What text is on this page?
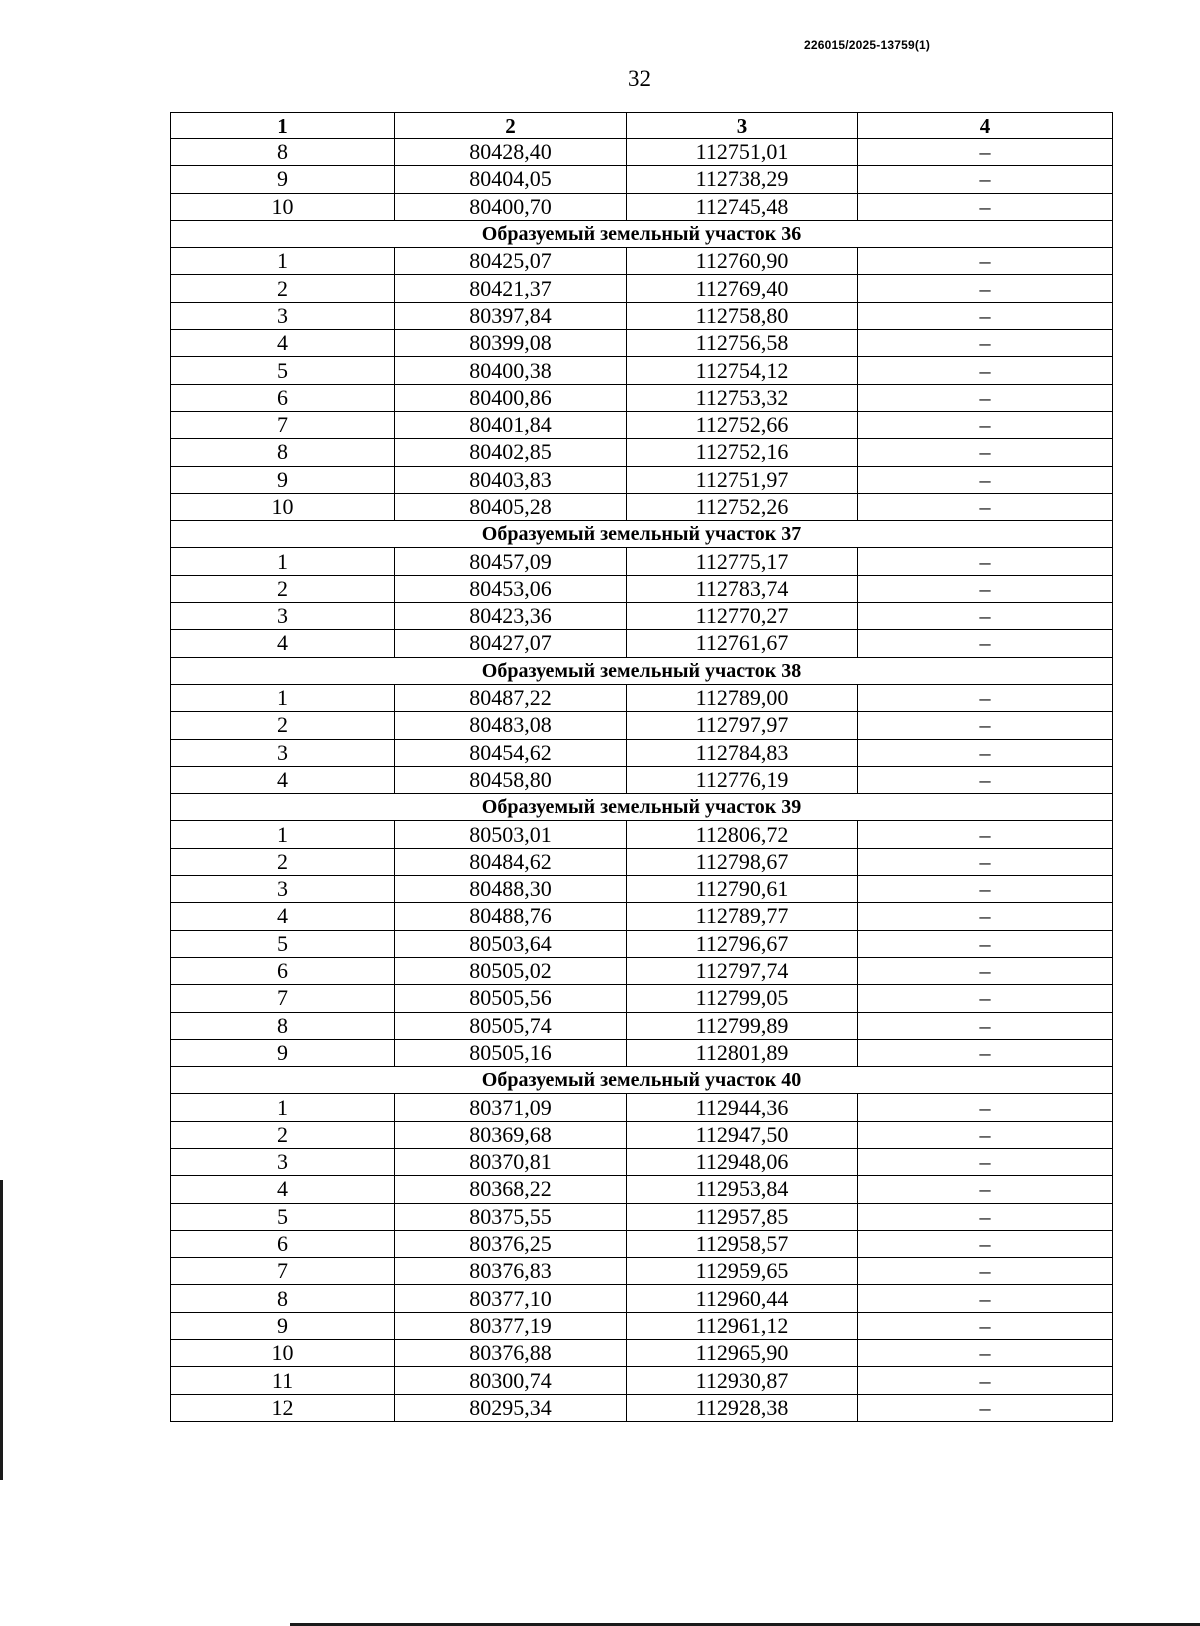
226015/2025-13759(1)
32
1	2	3	4
8	80428,40	112751,01	–
9	80404,05	112738,29	–
10	80400,70	112745,48	–
Образуемый земельный участок 36			
1	80425,07	112760,90	–
2	80421,37	112769,40	–
3	80397,84	112758,80	–
4	80399,08	112756,58	–
5	80400,38	112754,12	–
6	80400,86	112753,32	–
7	80401,84	112752,66	–
8	80402,85	112752,16	–
9	80403,83	112751,97	–
10	80405,28	112752,26	–
Образуемый земельный участок 37			
1	80457,09	112775,17	–
2	80453,06	112783,74	–
3	80423,36	112770,27	–
4	80427,07	112761,67	–
Образуемый земельный участок 38			
1	80487,22	112789,00	–
2	80483,08	112797,97	–
3	80454,62	112784,83	–
4	80458,80	112776,19	–
Образуемый земельный участок 39			
1	80503,01	112806,72	–
2	80484,62	112798,67	–
3	80488,30	112790,61	–
4	80488,76	112789,77	–
5	80503,64	112796,67	–
6	80505,02	112797,74	–
7	80505,56	112799,05	–
8	80505,74	112799,89	–
9	80505,16	112801,89	–
Образуемый земельный участок 40			
1	80371,09	112944,36	–
2	80369,68	112947,50	–
3	80370,81	112948,06	–
4	80368,22	112953,84	–
5	80375,55	112957,85	–
6	80376,25	112958,57	–
7	80376,83	112959,65	–
8	80377,10	112960,44	–
9	80377,19	112961,12	–
10	80376,88	112965,90	–
11	80300,74	112930,87	–
12	80295,34	112928,38	–
